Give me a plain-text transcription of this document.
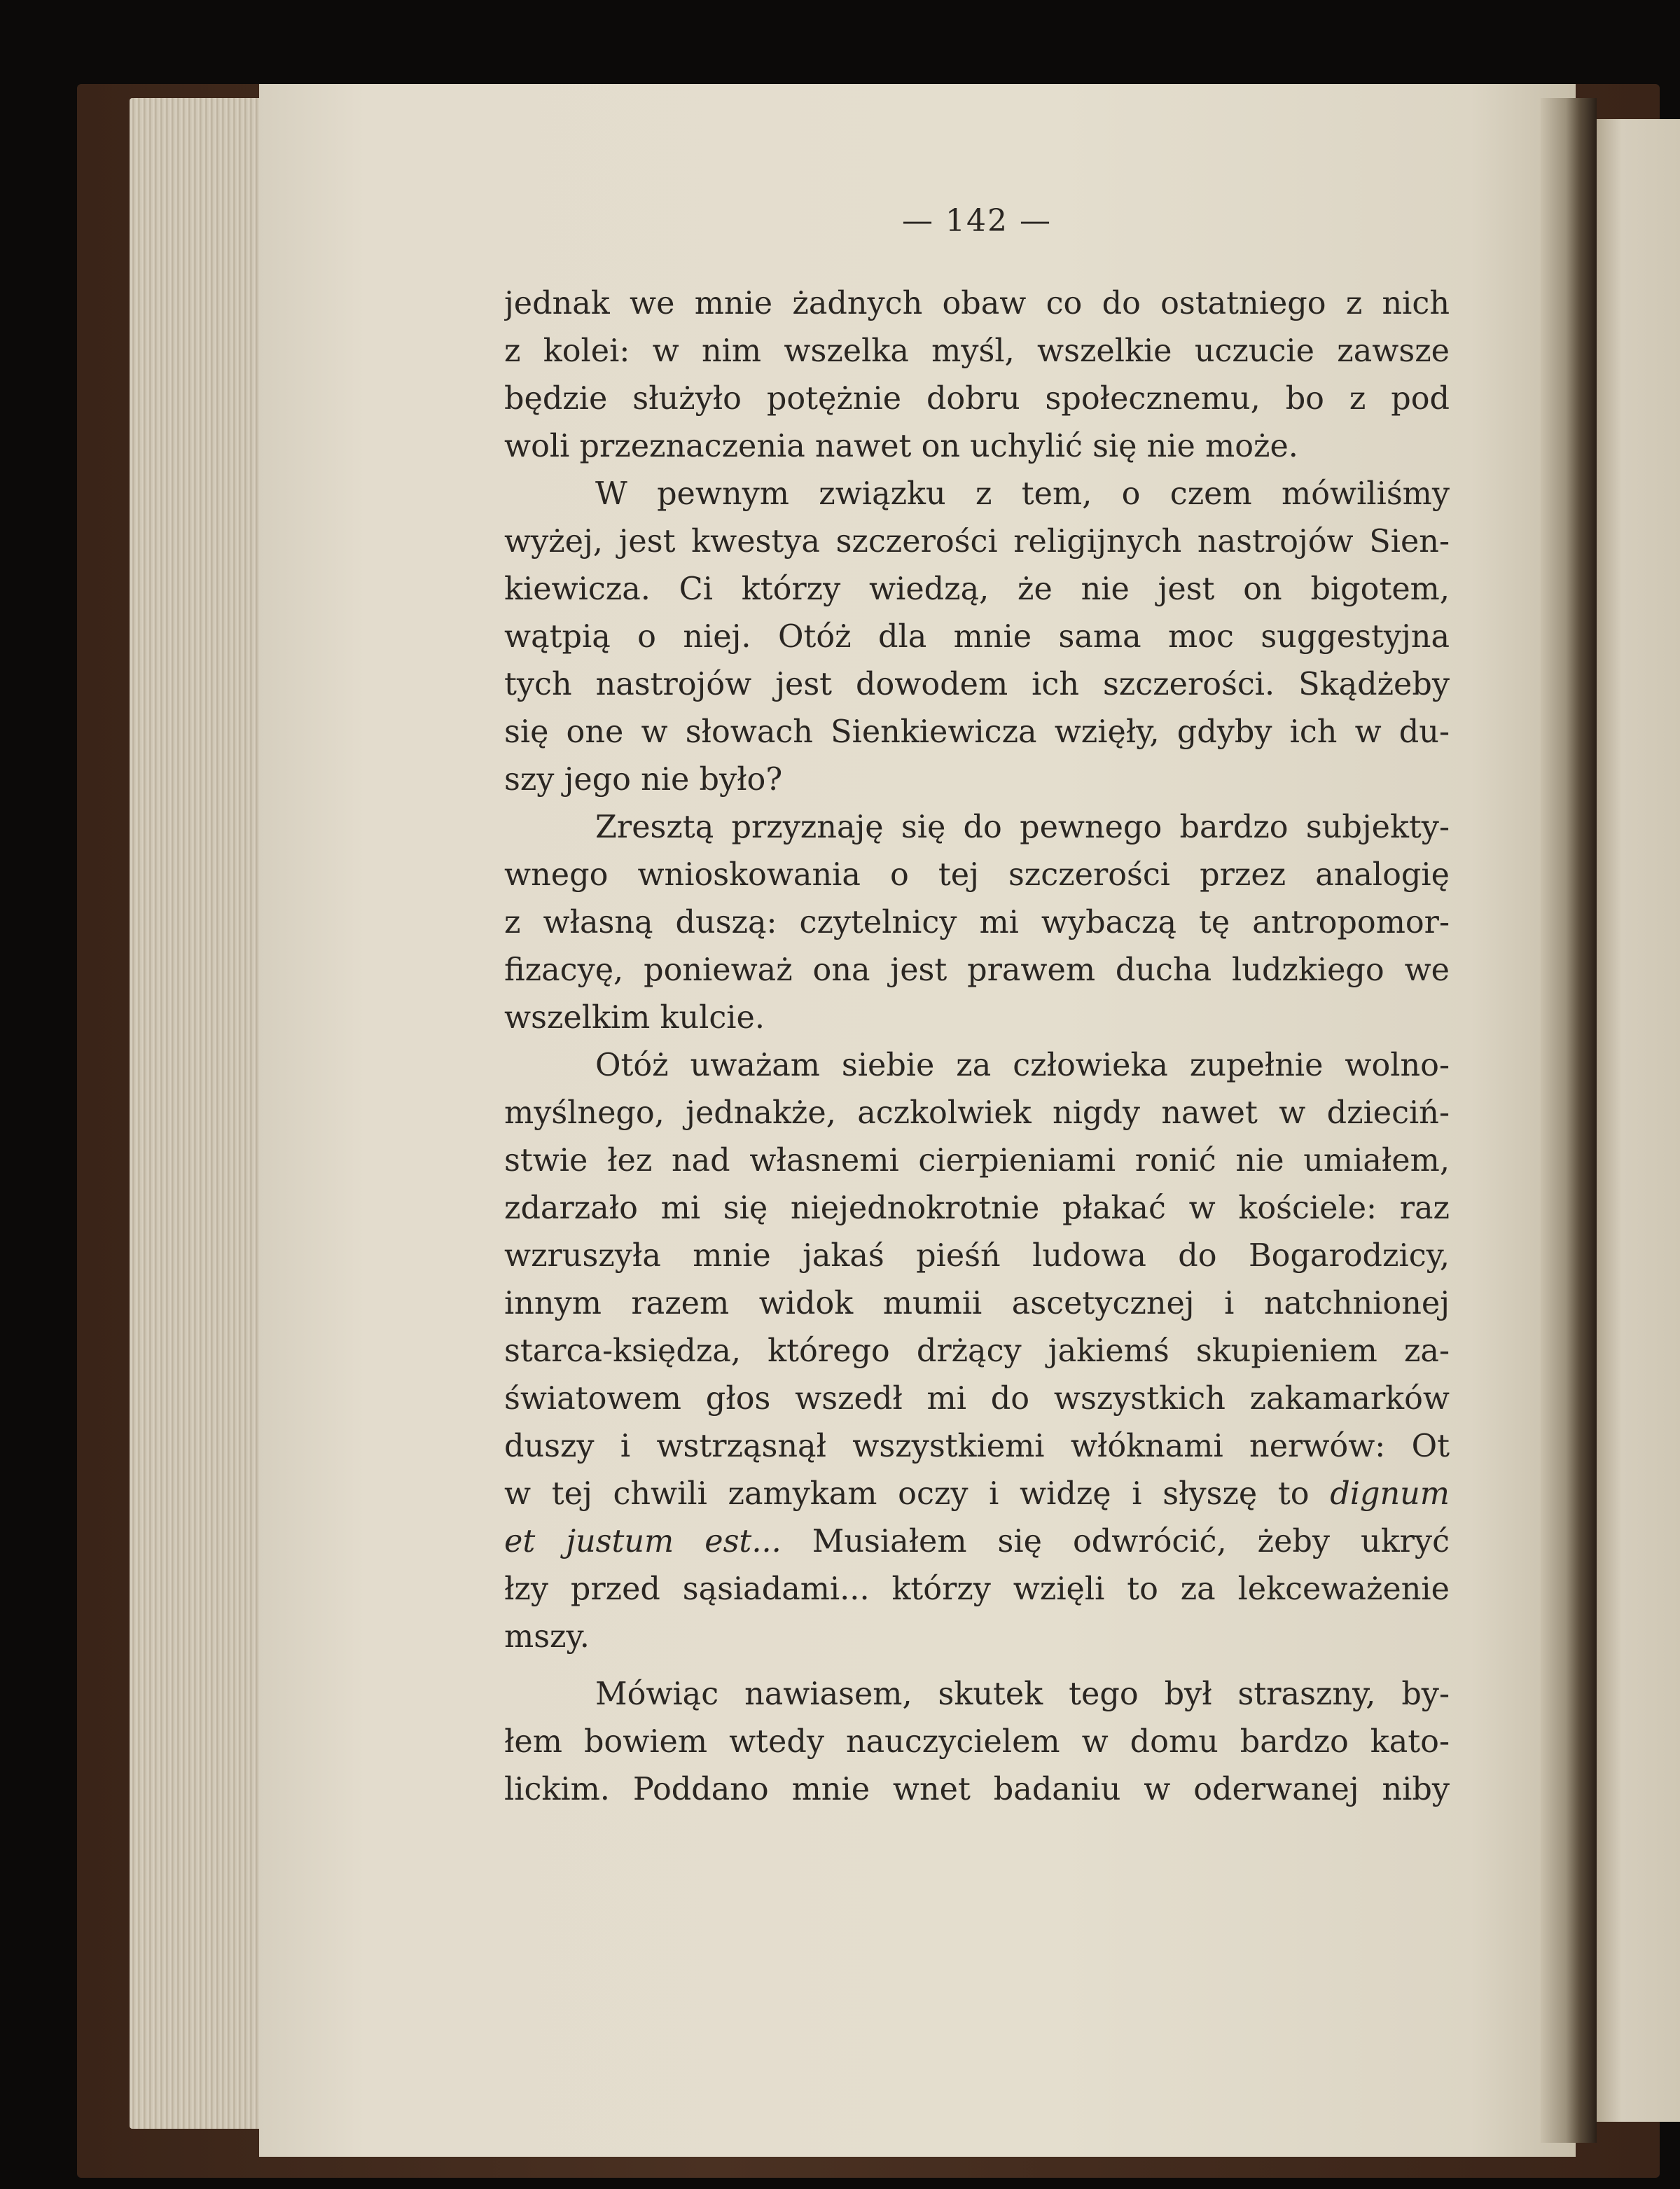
— 142 —
jednak we mnie żadnych obaw co do ostatniego z nich
z kolei: w nim wszelka myśl, wszelkie uczucie zawsze
będzie służyło potężnie dobru społecznemu, bo z pod
woli przeznaczenia nawet on uchylić się nie może.
W pewnym związku z tem, o czem mówiliśmy
wyżej, jest kwestya szczerości religijnych nastrojów Sien-
kiewicza. Ci którzy wiedzą, że nie jest on bigotem,
wątpią o niej. Otóż dla mnie sama moc suggestyjna
tych nastrojów jest dowodem ich szczerości. Skądżeby
się one w słowach Sienkiewicza wzięły, gdyby ich w du-
szy jego nie było?
Zresztą przyznaję się do pewnego bardzo subjekty-
wnego wnioskowania o tej szczerości przez analogię
z własną duszą: czytelnicy mi wybaczą tę antropomor-
fizacyę, ponieważ ona jest prawem ducha ludzkiego we
wszelkim kulcie.
Otóż uważam siebie za człowieka zupełnie wolno-
myślnego, jednakże, aczkolwiek nigdy nawet w dzieciń-
stwie łez nad własnemi cierpieniami ronić nie umiałem,
zdarzało mi się niejednokrotnie płakać w kościele: raz
wzruszyła mnie jakaś pieśń ludowa do Bogarodzicy,
innym razem widok mumii ascetycznej i natchnionej
starca-księdza, którego drżący jakiemś skupieniem za-
światowem głos wszedł mi do wszystkich zakamarków
duszy i wstrząsnął wszystkiemi włóknami nerwów: Ot
w tej chwili zamykam oczy i widzę i słyszę to dignum
et justum est... Musiałem się odwrócić, żeby ukryć
łzy przed sąsiadami... którzy wzięli to za lekceważenie
mszy.
Mówiąc nawiasem, skutek tego był straszny, by-
łem bowiem wtedy nauczycielem w domu bardzo kato-
lickim. Poddano mnie wnet badaniu w oderwanej niby
